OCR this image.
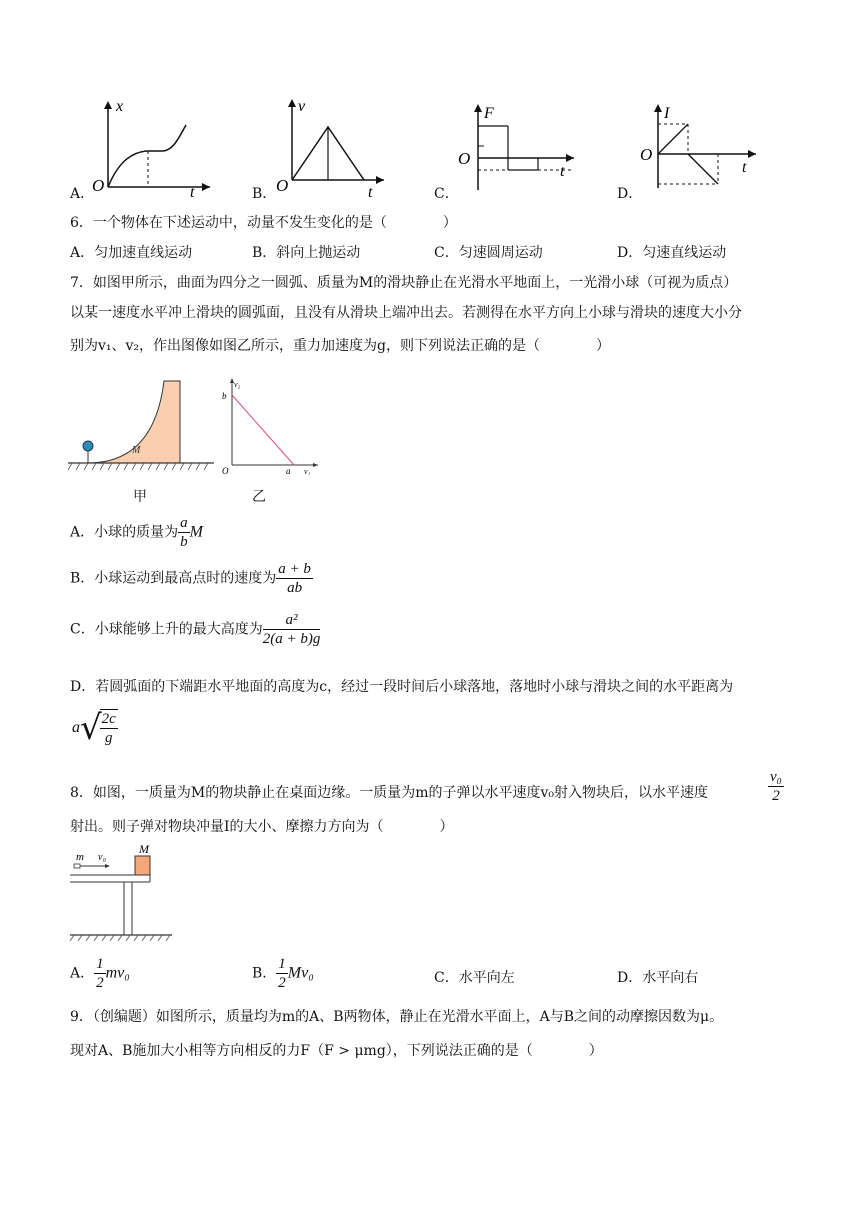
A．
x
O	t	B．
v
O	t	C．
F
O
t
D．
I
O
t
6．一个物体在下述运动中，动量不发生变化的是（　　　　）
A．匀加速直线运动	B．斜向上抛运动	C．匀速圆周运动	D．匀速直线运动
7．如图甲所示，曲面为四分之一圆弧、质量为M的滑块静止在光滑水平地面上，一光滑小球（可视为质点）
以某一速度水平冲上滑块的圆弧面，且没有从滑块上端冲出去。若测得在水平方向上小球与滑块的速度大小分
别为v₁、v₂，作出图像如图乙所示，重力加速度为g，则下列说法正确的是（　　　　）
M
甲
v₂
b
O	a v₁
乙
A．小球的质量为 $\frac{a}{b}$ M
B．小球运动到最高点时的速度为 $\frac{a + b}{ab}$
C．小球能够上升的最大高度为 $\frac{\text{a²}}{2(a + b)g}$
D．若圆弧面的下端距水平地面的高度为c，经过一段时间后小球落地，落地时小球与滑块之间的水平距离为
a√
$\frac{2c}{g}$
8．如图，一质量为M的物块静止在桌面边缘。一质量为m的子弹以水平速度v₀射入物块后，以水平速度	$\frac{\text{v₀}}{2}$
射出。则子弹对物块冲量I的大小、摩擦力方向为（　　　　）
m v₀
M
A． $\frac{1}{2} mv_0$	B． $\frac{1}{2} Mv_0$	C．水平向左	D．水平向右
9．（创编题）如图所示，质量均为m的A、B两物体，静止在光滑水平面上，A与B之间的动摩擦因数为μ。
现对A、B施加大小相等方向相反的力F（F > μmg），下列说法正确的是（　　　　）
